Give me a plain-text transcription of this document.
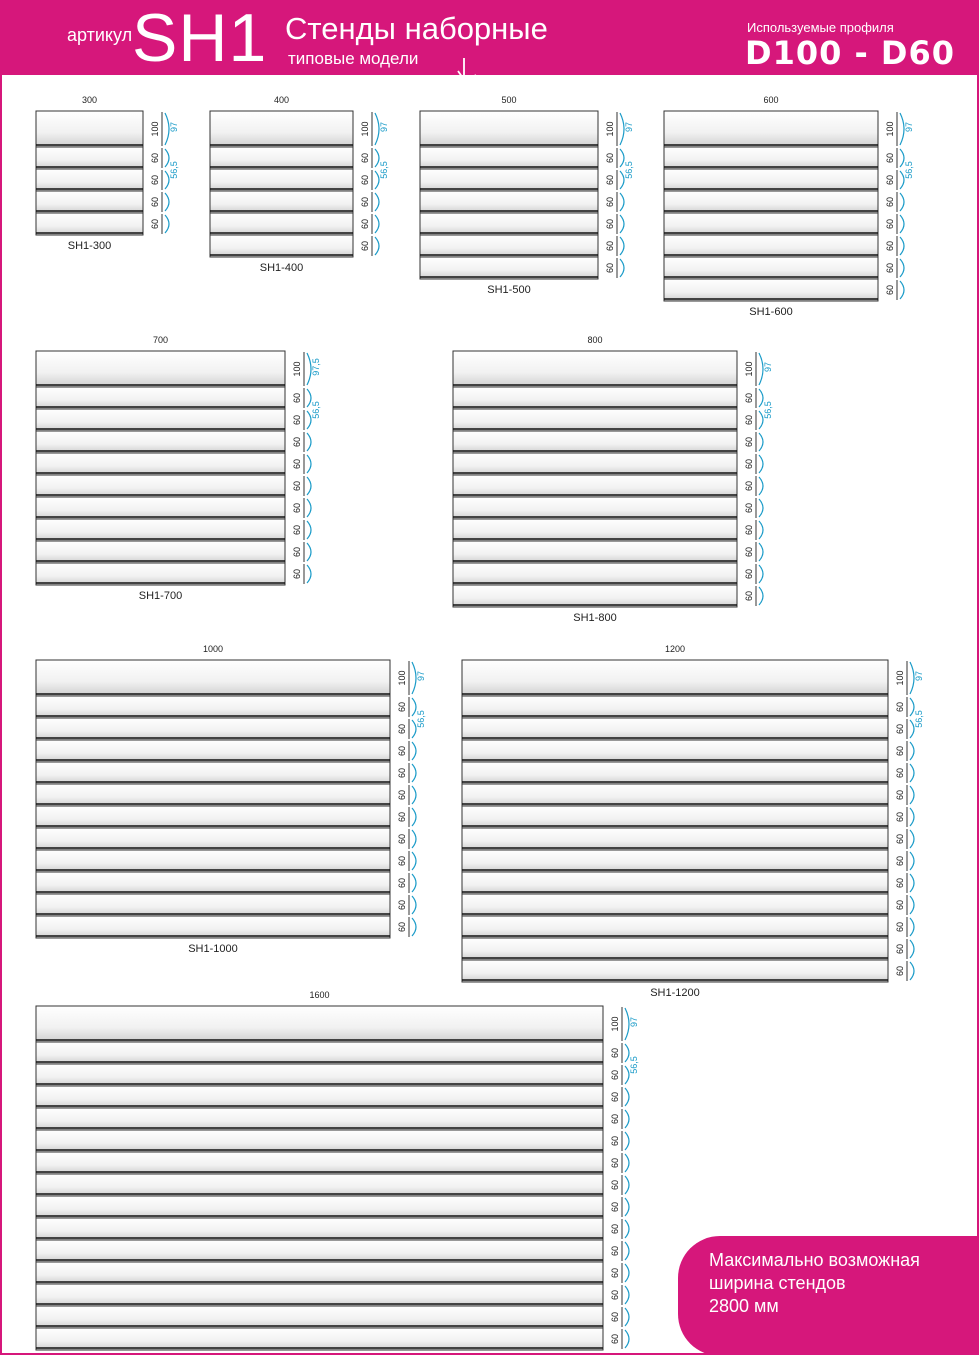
артикул SH1 Стенды наборные
типовые модели
Используемые профиля
D100 - D60
300
100
60
60
60
60
97
56,5
SH1-300
400
100
60
60
60
60
60
97
56,5
SH1-400
500
100
60
60
60
60
60
60
97
56,5
SH1-500
600
100
60
60
60
60
60
60
60
97
56,5
SH1-600
700
100
60
60
60
60
60
60
60
60
60
97,5
56,5
SH1-700
800
100
60
60
60
60
60
60
60
60
60
60
97
56,5
SH1-800
1000
100
60
60
60
60
60
60
60
60
60
60
60
97
56,5
SH1-1000
1200
100
60
60
60
60
60
60
60
60
60
60
60
60
60
97
56,5
SH1-1200
1600
100
60
60
60
60
60
60
60
60
60
60
60
60
60
60
97
56,5
Максимально возможная
ширина стендов
2800 мм
